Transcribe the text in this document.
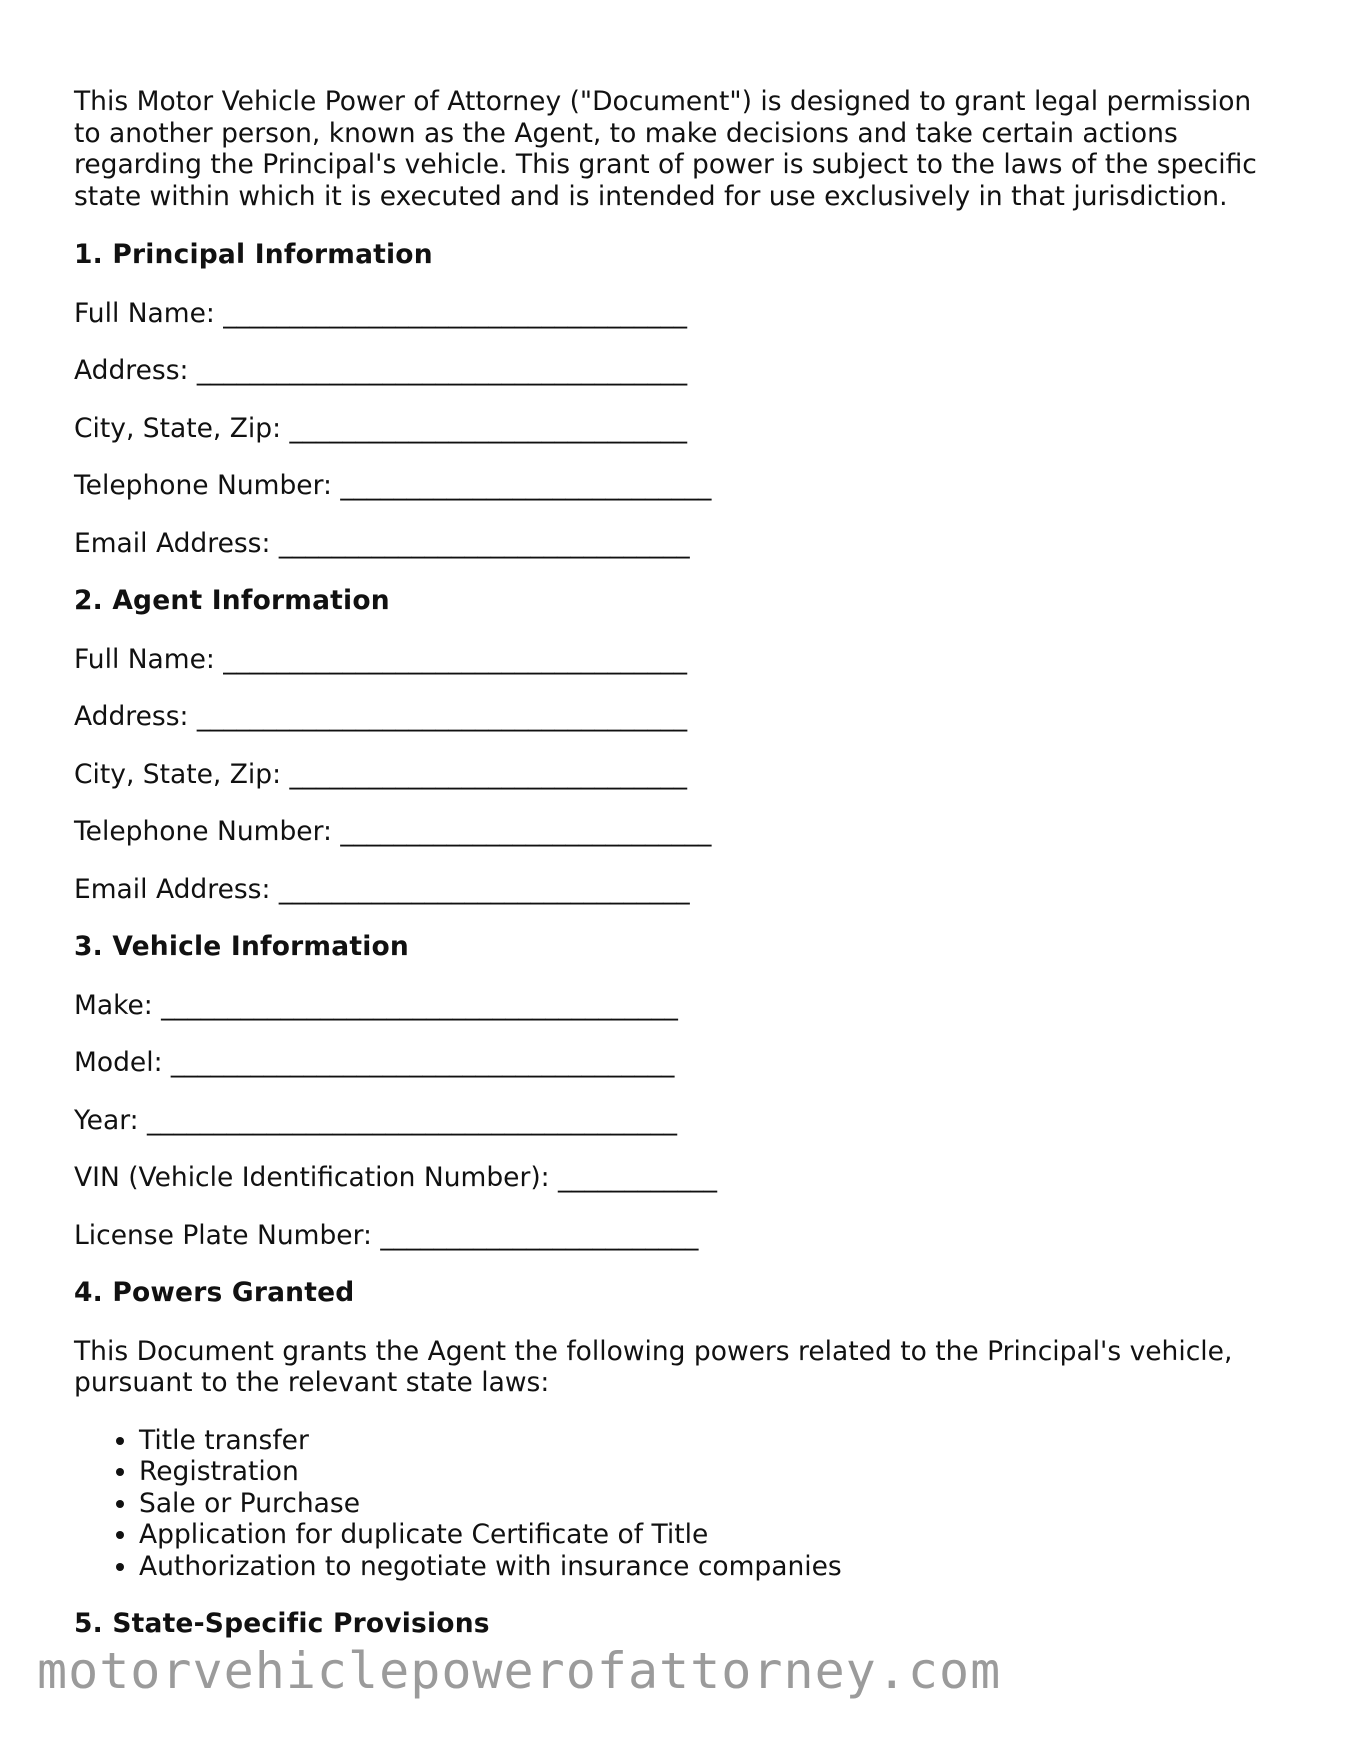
This Motor Vehicle Power of Attorney ("Document") is designed to grant legal permission to another person, known as the Agent, to make decisions and take certain actions regarding the Principal's vehicle. This grant of power is subject to the laws of the specific state within which it is executed and is intended for use exclusively in that jurisdiction.

1. Principal Information
Full Name: ___________________________________
Address: _____________________________________
City, State, Zip: ______________________________
Telephone Number: ____________________________
Email Address: _______________________________
2. Agent Information
Full Name: ___________________________________
Address: _____________________________________
City, State, Zip: ______________________________
Telephone Number: ____________________________
Email Address: _______________________________
3. Vehicle Information
Make: _______________________________________
Model: ______________________________________
Year: ________________________________________
VIN (Vehicle Identification Number): ____________
License Plate Number: ________________________
4. Powers Granted

This Document grants the Agent the following powers related to the Principal's vehicle, pursuant to the relevant state laws:

• Title transfer
• Registration
• Sale or Purchase
• Application for duplicate Certificate of Title
• Authorization to negotiate with insurance companies
5. State-Specific Provisions
motorvehiclepowerofattorney.com
